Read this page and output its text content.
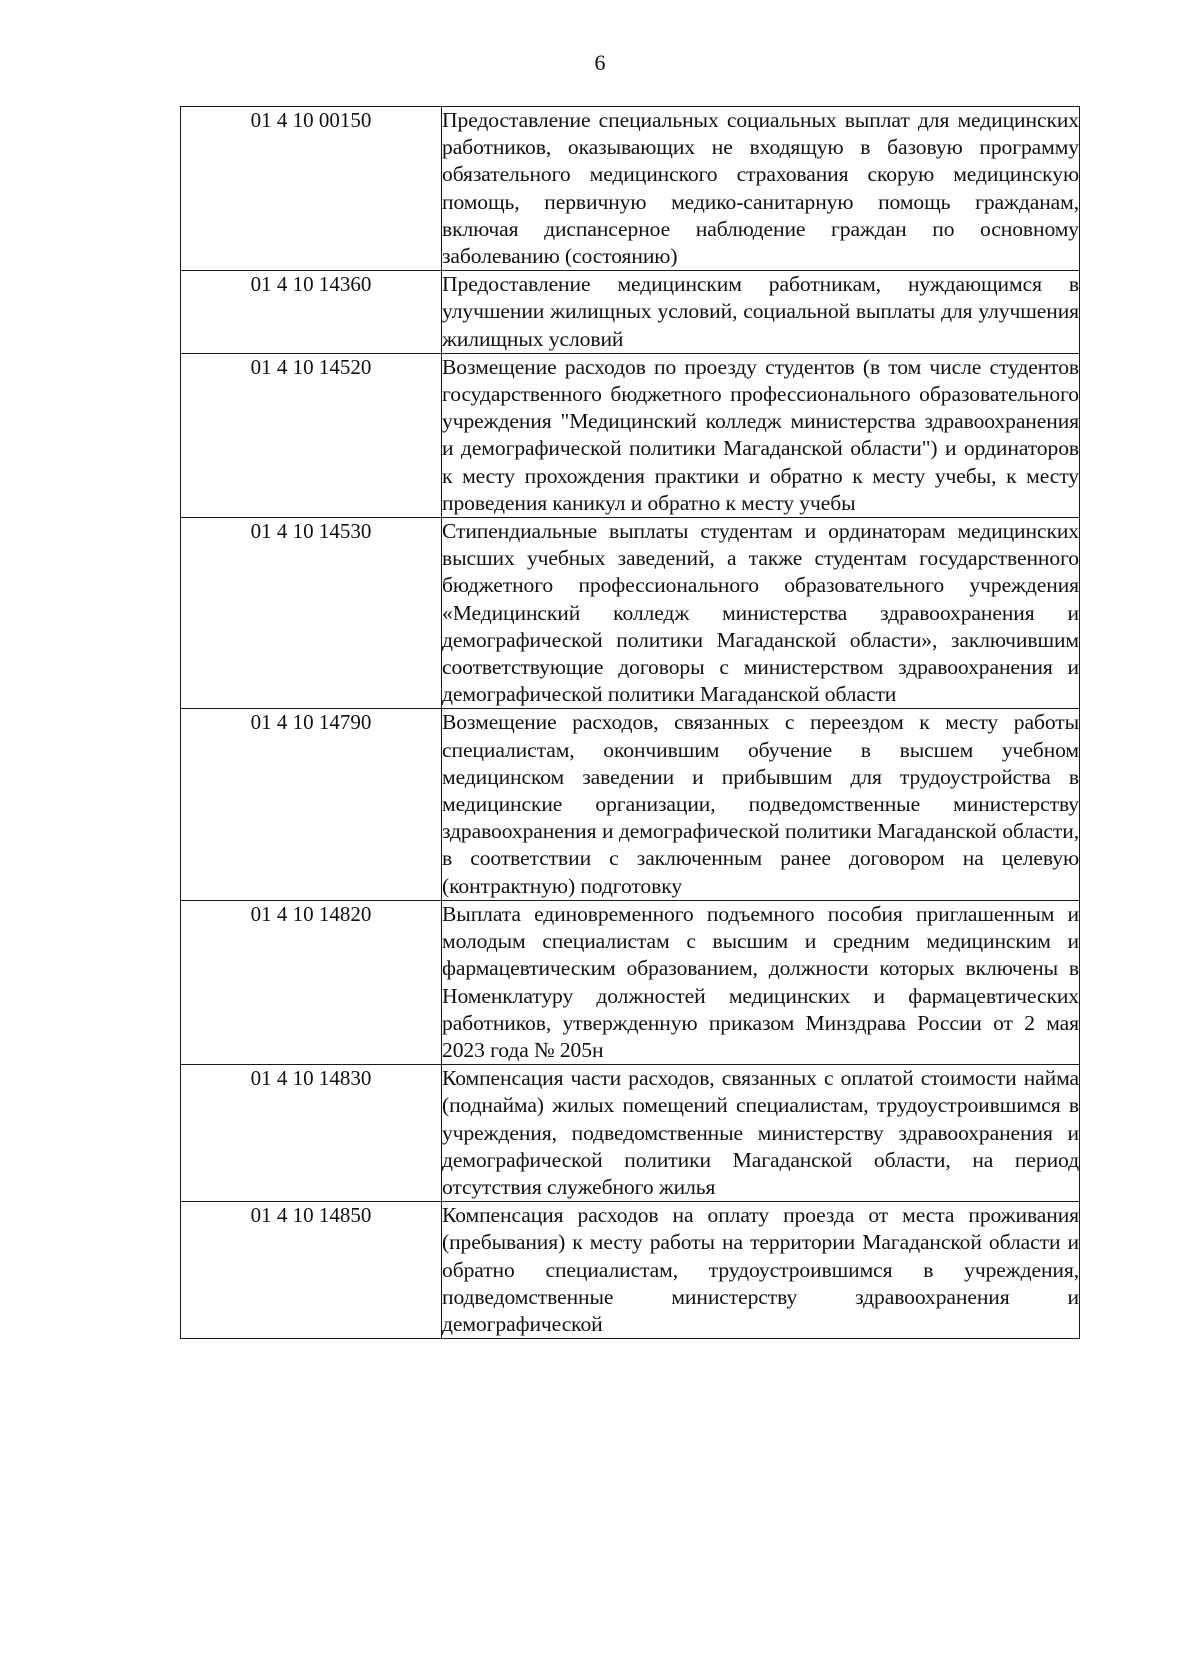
6
01 4 10 00150	Предоставление специальных социальных выплат для медицинских работников, оказывающих не входящую в базовую программу обязательного медицинского страхования скорую медицинскую помощь, первичную медико-санитарную помощь гражданам, включая диспансерное наблюдение граждан по основному заболеванию (состоянию)
01 4 10 14360	Предоставление медицинским работникам, нуждающимся в улучшении жилищных условий, социальной выплаты для улучшения жилищных условий
01 4 10 14520	Возмещение расходов по проезду студентов (в том числе студентов государственного бюджетного профессионального образовательного учреждения "Медицинский колледж министерства здравоохранения и демографической политики Магаданской области") и ординаторов к месту прохождения практики и обратно к месту учебы, к месту проведения каникул и обратно к месту учебы
01 4 10 14530	Стипендиальные выплаты студентам и ординаторам медицинских высших учебных заведений, а также студентам государственного бюджетного профессионального образовательного учреждения «Медицинский колледж министерства здравоохранения и демографической политики Магаданской области», заключившим соответствующие договоры с министерством здравоохранения и демографической политики Магаданской области
01 4 10 14790	Возмещение расходов, связанных с переездом к месту работы специалистам, окончившим обучение в высшем учебном медицинском заведении и прибывшим для трудоустройства в медицинские организации, подведомственные министерству здравоохранения и демографической политики Магаданской области, в соответствии с заключенным ранее договором на целевую (контрактную) подготовку
01 4 10 14820	Выплата единовременного подъемного пособия приглашенным и молодым специалистам с высшим и средним медицинским и фармацевтическим образованием, должности которых включены в Номенклатуру должностей медицинских и фармацевтических работников, утвержденную приказом Минздрава России от 2 мая 2023 года № 205н
01 4 10 14830	Компенсация части расходов, связанных с оплатой стоимости найма (поднайма) жилых помещений специалистам, трудоустроившимся в учреждения, подведомственные министерству здравоохранения и демографической политики Магаданской области, на период отсутствия служебного жилья
01 4 10 14850	Компенсация расходов на оплату проезда от места проживания (пребывания) к месту работы на территории Магаданской области и обратно специалистам, трудоустроившимся в учреждения, подведомственные министерству здравоохранения и демографической
